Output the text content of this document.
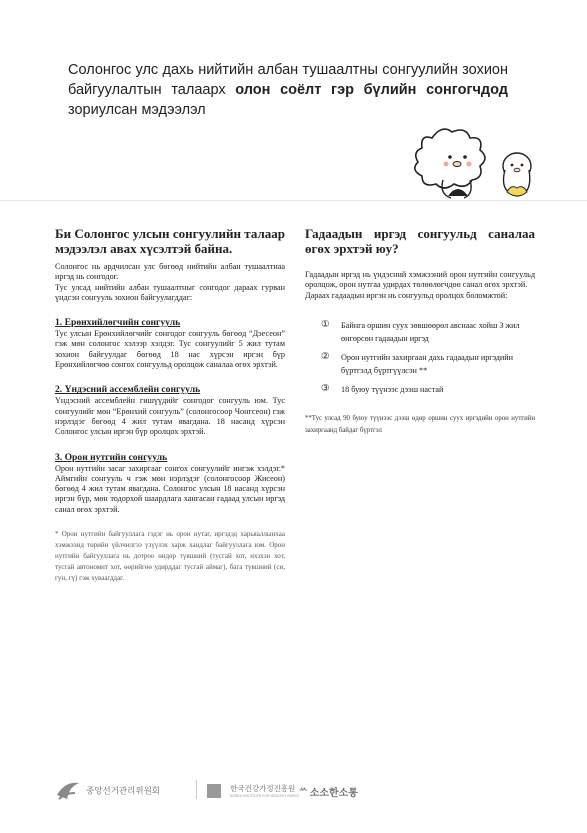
Солонгос улс дахь нийтийн албан тушаалтны сонгуулийн зохион байгуулалтын талаарх олон соёлт гэр бүлийн сонгогчдод зориулсан мэдээлэл

Би Солонгос улсын сонгуулийн талаар мэдээлэл авах хүсэлтэй байна.

Солонгос нь ардчилсан улс бөгөөд нийтийн албан тушаалтнаа иргэд нь сонгодог.

Тус улсад нийтийн албан тушаалтныг сонгодог дараах гурван үндсэн сонгууль зохион байгуулагддаг:

1. Ерөнхийлөгчийн сонгууль

Тус улсын Ерөнхийлөгчийг сонгодог сонгууль бөгөөд “Дэесеон” гэж мөн солонгос хэлээр хэлдэг. Тус сонгуулийг 5 жил тутам зохион байгуулдаг бөгөөд 18 нас хүрсэн иргэн бүр Ерөнхийлөгчөө сонгох сонгуульд оролцож саналаа өгөх эрхтэй.

2. Үндэсний ассемблейн сонгууль

Үндэсний ассемблейн гишүүдийг сонгодог сонгууль юм. Тус сонгуулийг мөн “Ерөнхий сонгууль” (солонгосоор Чонгсеон) гэж нэрлэдэг бөгөөд 4 жил тутам явагдана. 18 насанд хүрсэн Солонгос улсын иргэн бүр оролцох эрхтэй.

3. Орон нутгийн сонгууль

Орон нутгийн засаг захиргааг сонгох сонгуулийг ингэж хэлдэг.* Аймгийн сонгууль ч гэж мөн нэрлэдэг (солонгосоор Жисеон) бөгөөд 4 жил тутам явагдана. Солонгос улсын 18 насанд хүрсэн иргэн бүр, мөн тодорхой шаардлага хангасан гадаад улсын иргэд санал өгөх эрхтэй.

* Орон нутгийн байгууллага гэдэг нь орон нутаг, иргэдэд харьяаллынхаа хэмжээнд төрийн үйлчилгээ үзүүлэх харж хандлаг байгууллагa юм. Орон нутгийн байгууллага нь дотроо өндөр түвшний (тусгай хот, ихэхэн хот, тусгай автономит хот, өөрийгөө удирддаг тусгай аймаг), бага түвшний (си, гун, гү) гэж хуваагддаг.

Гадаадын иргэд сонгуульд саналаа өгөх эрхтэй юу?

Гадаадын иргэд нь үндэсний хэмжээний орон нутгийн сонгуульд оролцож, орон нутгаа удирдах төлөөлөгчдөө санал өгөх эрхтэй.

Дараах гадаадын иргэн нь сонгуульд оролцох боломжтой:

① Байнга оршин суух зөвшөөрөл авснаас хойш 3 жил өнгөрсөн гадаадын иргэд
② Орон нутгийн захиргаан дахь гадаадын иргэдийн бүртгэлд бүртгүүлсэн **
③ 18 буюу түүнээс дээш настай

**Тус улсад 90 буюу түүнээс дээш өдөр оршин суух иргэдийн орон нутгийн захиргаанд байдаг бүртгэл

중앙선거관리위원회
	한국건강가정진흥원
KOREA INSTITUTE FOR HEALTHY FAMILY
ᄊ 소소한소통
